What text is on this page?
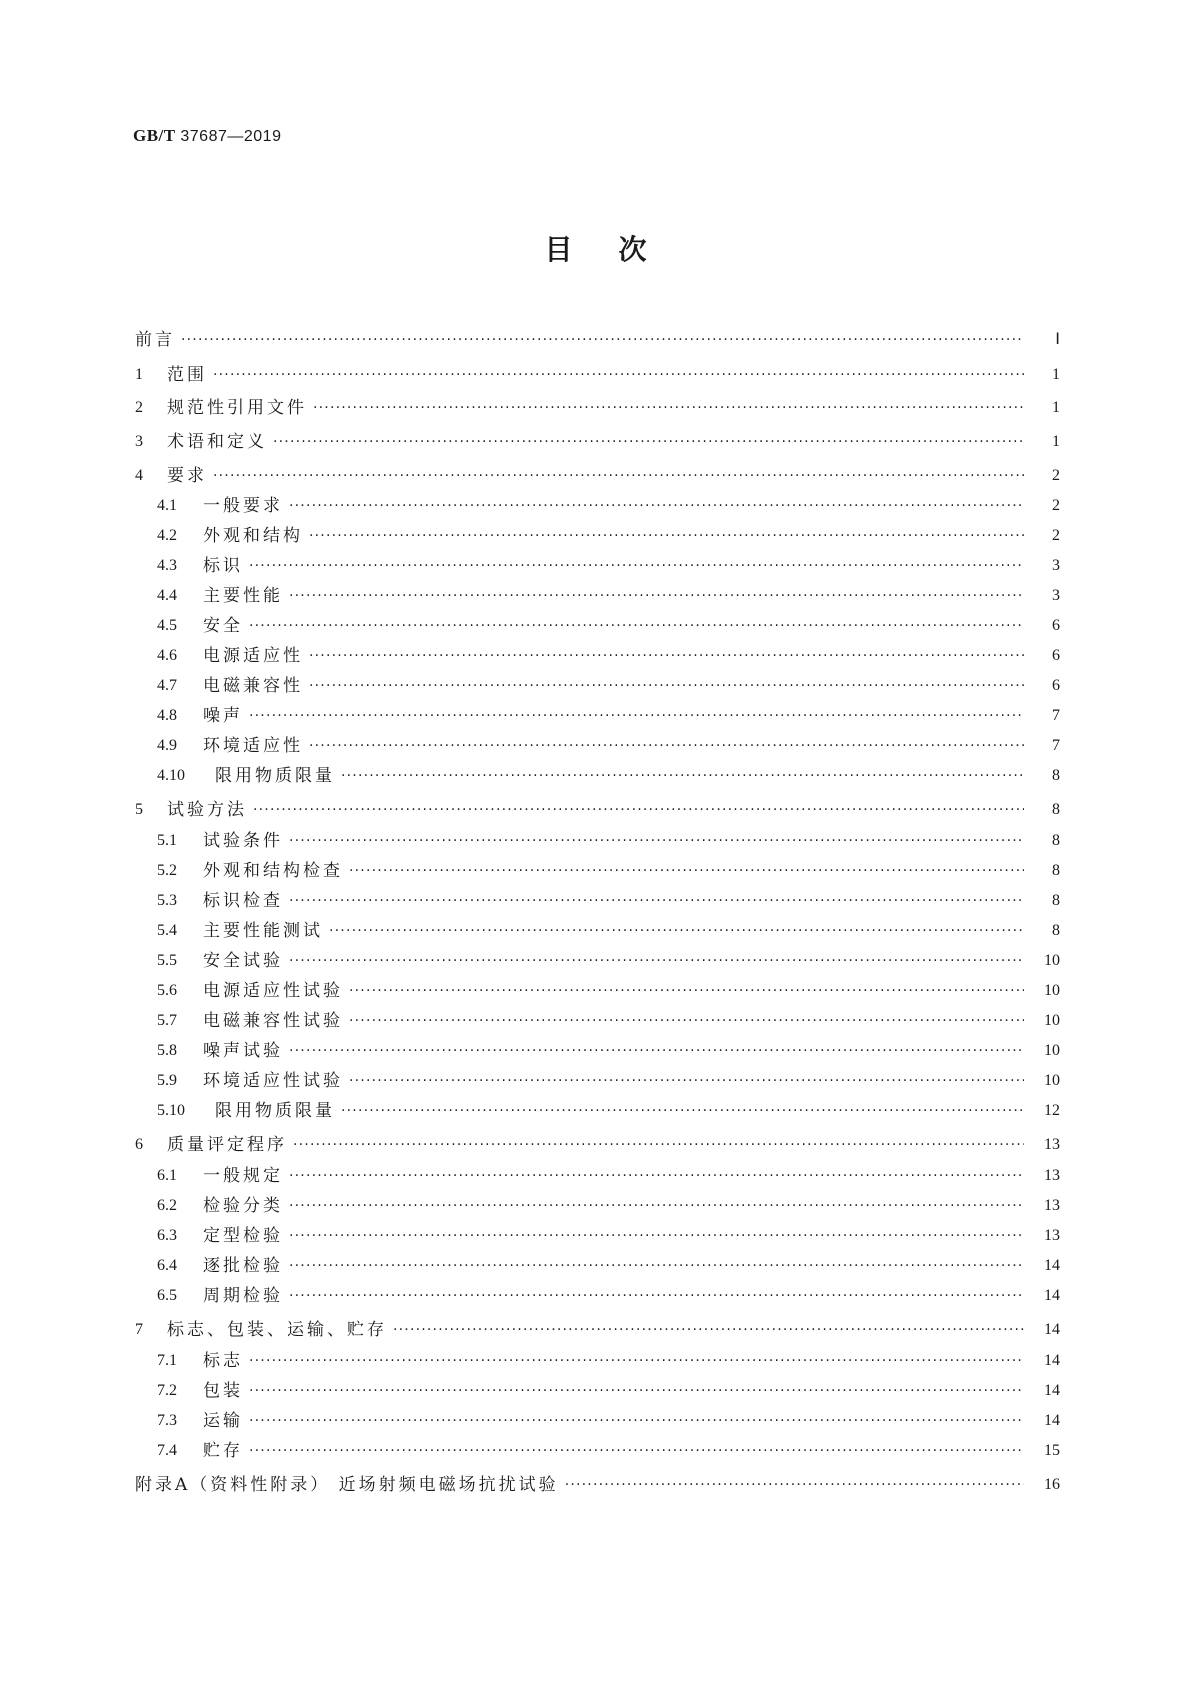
GB/T 37687—2019
目次
前言 ·····	Ⅰ
1	范围 ·····	1
2	规范性引用文件 ·····	1
3	术语和定义 ·····	1
4	要求 ·····	2
4.1	一般要求 ·····	2
4.2	外观和结构 ·····	2
4.3	标识 ·····	3
4.4	主要性能 ·····	3
4.5	安全 ·····	6
4.6	电源适应性 ·····	6
4.7	电磁兼容性 ·····	6
4.8	噪声 ·····	7
4.9	环境适应性 ·····	7
4.10	限用物质限量 ·····	8
5	试验方法 ·····	8
5.1	试验条件 ·····	8
5.2	外观和结构检查 ·····	8
5.3	标识检查 ·····	8
5.4	主要性能测试 ·····	8
5.5	安全试验 ·····	10
5.6	电源适应性试验 ·····	10
5.7	电磁兼容性试验 ·····	10
5.8	噪声试验 ·····	10
5.9	环境适应性试验 ·····	10
5.10	限用物质限量 ·····	12
6	质量评定程序 ·····	13
6.1	一般规定 ·····	13
6.2	检验分类 ·····	13
6.3	定型检验 ·····	13
6.4	逐批检验 ·····	14
6.5	周期检验 ·····	14
7	标志、包装、运输、贮存 ·····	14
7.1	标志 ·····	14
7.2	包装 ·····	14
7.3	运输 ·····	14
7.4	贮存 ·····	15
附录A（资料性附录） 近场射频电磁场抗扰试验 ·····	16
